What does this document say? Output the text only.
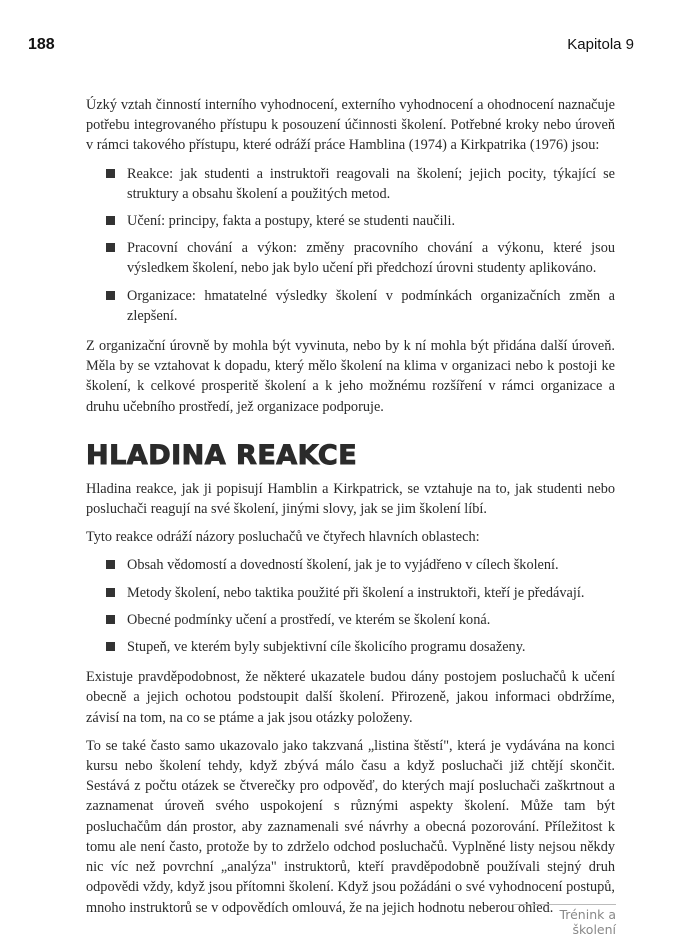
188	Kapitola 9

Úzký vztah činností interního vyhodnocení, externího vyhodnocení a ohodnocení naznačuje potřebu integrovaného přístupu k posouzení účinnosti školení. Potřebné kroky nebo úroveň v rámci takového přístupu, které odráží práce Hamblina (1974) a Kirkpatrika (1976) jsou:

Reakce: jak studenti a instruktoři reagovali na školení; jejich pocity, týkající se struktury a obsahu školení a použitých metod.
Učení: principy, fakta a postupy, které se studenti naučili.
Pracovní chování a výkon: změny pracovního chování a výkonu, které jsou výsledkem školení, nebo jak bylo učení při předchozí úrovni studenty aplikováno.
Organizace: hmatatelné výsledky školení v podmínkách organizačních změn a zlepšení.

Z organizační úrovně by mohla být vyvinuta, nebo by k ní mohla být přidána další úroveň. Měla by se vztahovat k dopadu, který mělo školení na klima v organizaci nebo k postoji ke školení, k celkové prosperitě školení a k jeho možnému rozšíření v rámci organizace a druhu učebního prostředí, jež organizace podporuje.

HLADINA REAKCE

Hladina reakce, jak ji popisují Hamblin a Kirkpatrick, se vztahuje na to, jak studenti nebo posluchači reagují na své školení, jinými slovy, jak se jim školení líbí.

Tyto reakce odráží názory posluchačů ve čtyřech hlavních oblastech:

Obsah vědomostí a dovedností školení, jak je to vyjádřeno v cílech školení.
Metody školení, nebo taktika použité při školení a instruktoři, kteří je předávají.
Obecné podmínky učení a prostředí, ve kterém se školení koná.
Stupeň, ve kterém byly subjektivní cíle školicího programu dosaženy.

Existuje pravděpodobnost, že některé ukazatele budou dány postojem posluchačů k učení obecně a jejich ochotou podstoupit další školení. Přirozeně, jakou informaci obdržíme, závisí na tom, na co se ptáme a jak jsou otázky položeny.

To se také často samo ukazovalo jako takzvaná „listina štěstí", která je vydávána na konci kursu nebo školení tehdy, když zbývá málo času a když posluchači již chtějí skončit. Sestává z počtu otázek se čtverečky pro odpověď, do kterých mají posluchači zaškrtnout a zaznamenat úroveň svého uspokojení s různými aspekty školení. Může tam být posluchačům dán prostor, aby zaznamenali své návrhy a obecná pozorování. Příležitost k tomu ale není často, protože by to zdrželo odchod posluchačů. Vyplněné listy nejsou někdy nic víc než povrchní „analýza" instruktorů, kteří pravděpodobně používali stejný druh odpovědi vždy, když jsou přítomni školení. Když jsou požádáni o své vyhodnocení postupů, mnoho instruktorů se v odpovědích omlouvá, že na jejich hodnotu neberou ohled. Trénink a školení
